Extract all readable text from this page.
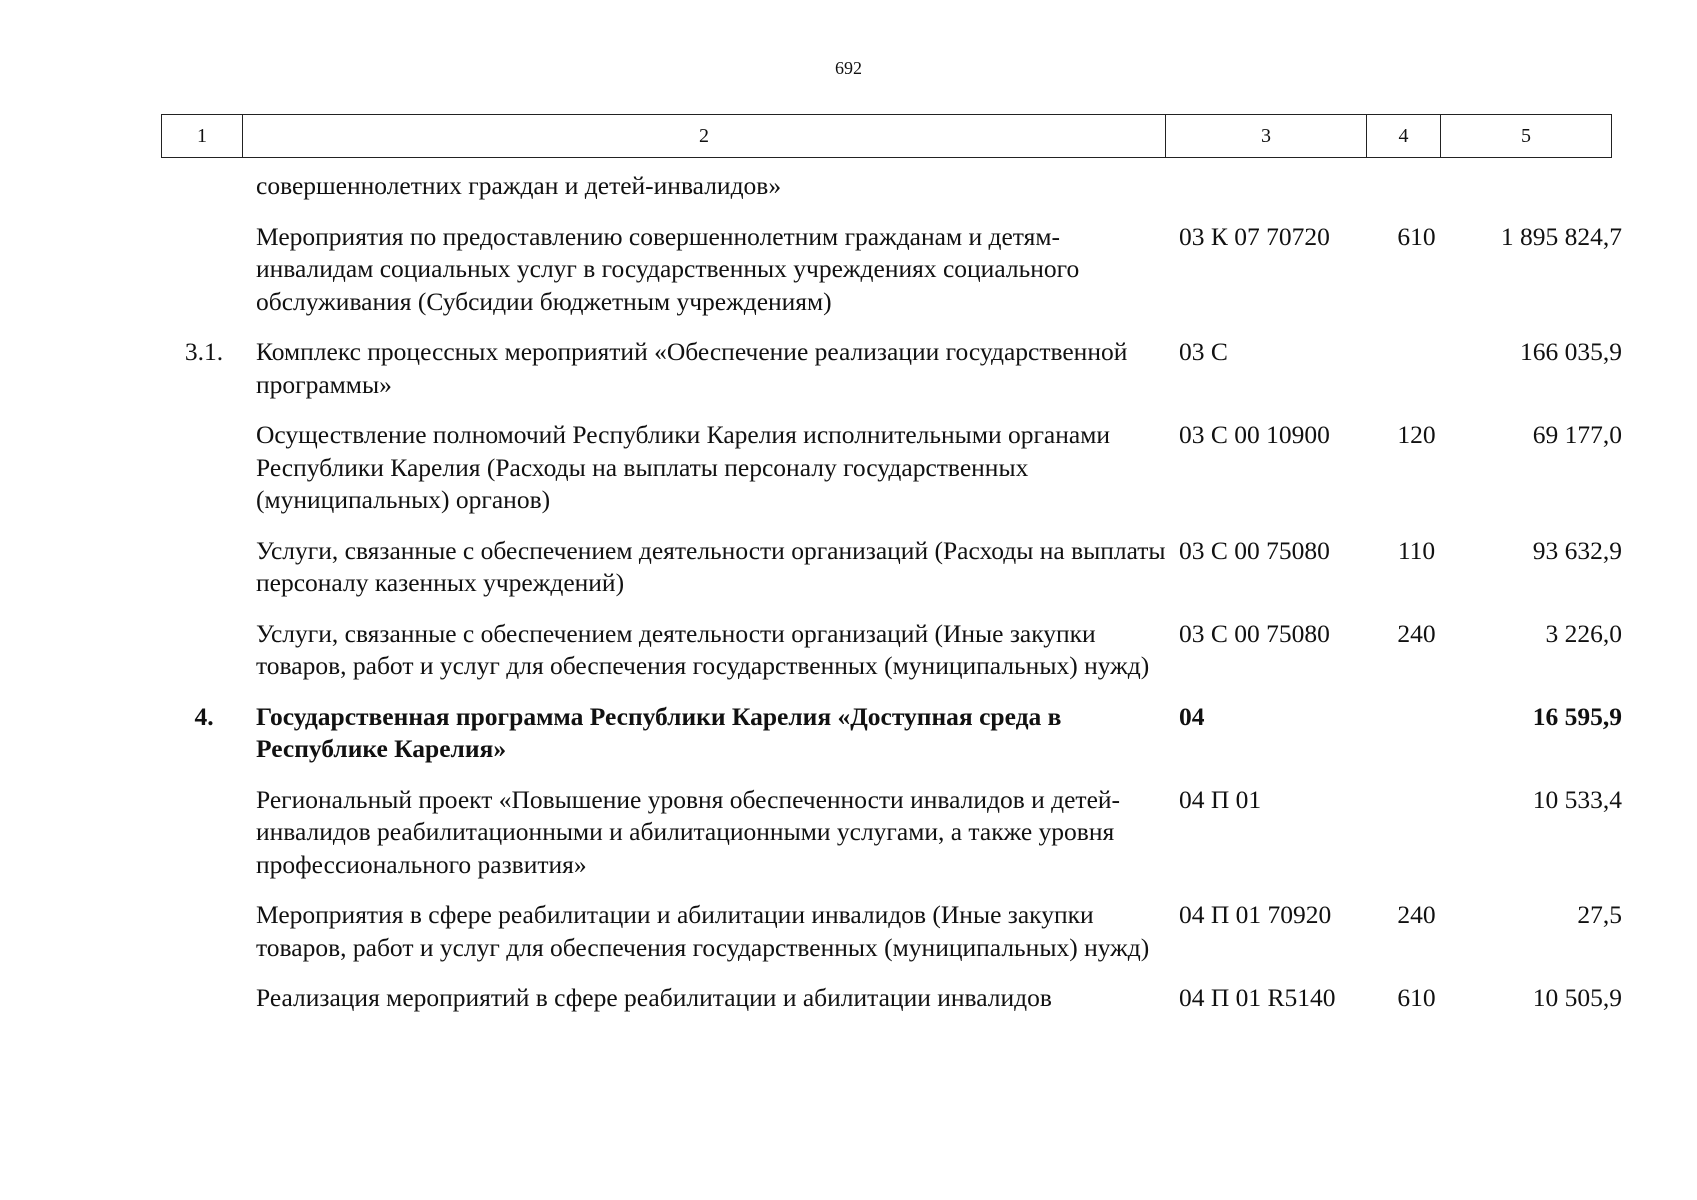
692
1	2	3	4	5
	совершеннолетних граждан и детей-инвалидов»			
	Мероприятия по предоставлению совершеннолетним гражданам и детям-инвалидам социальных услуг в государственных учреждениях социального обслуживания (Субсидии бюджетным учреждениям)	03 К 07 70720	610	1 895 824,7
3.1.	Комплекс процессных мероприятий «Обеспечение реализации государственной программы»	03 С		166 035,9
	Осуществление полномочий Республики Карелия исполнительными органами Республики Карелия (Расходы на выплаты персоналу государственных (муниципальных) органов)	03 С 00 10900	120	69 177,0
	Услуги, связанные с обеспечением деятельности организаций (Расходы на выплаты персоналу казенных учреждений)	03 С 00 75080	110	93 632,9
	Услуги, связанные с обеспечением деятельности организаций (Иные закупки товаров, работ и услуг для обеспечения государственных (муниципальных) нужд)	03 С 00 75080	240	3 226,0
4.	Государственная программа Республики Карелия «Доступная среда в Республике Карелия»	04		16 595,9
	Региональный проект «Повышение уровня обеспеченности инвалидов и детей-инвалидов реабилитационными и абилитационными услугами, а также уровня профессионального развития»	04 П 01		10 533,4
	Мероприятия в сфере реабилитации и абилитации инвалидов (Иные закупки товаров, работ и услуг для обеспечения государственных (муниципальных) нужд)	04 П 01 70920	240	27,5
	Реализация мероприятий в сфере реабилитации и абилитации инвалидов	04 П 01 R5140	610	10 505,9
